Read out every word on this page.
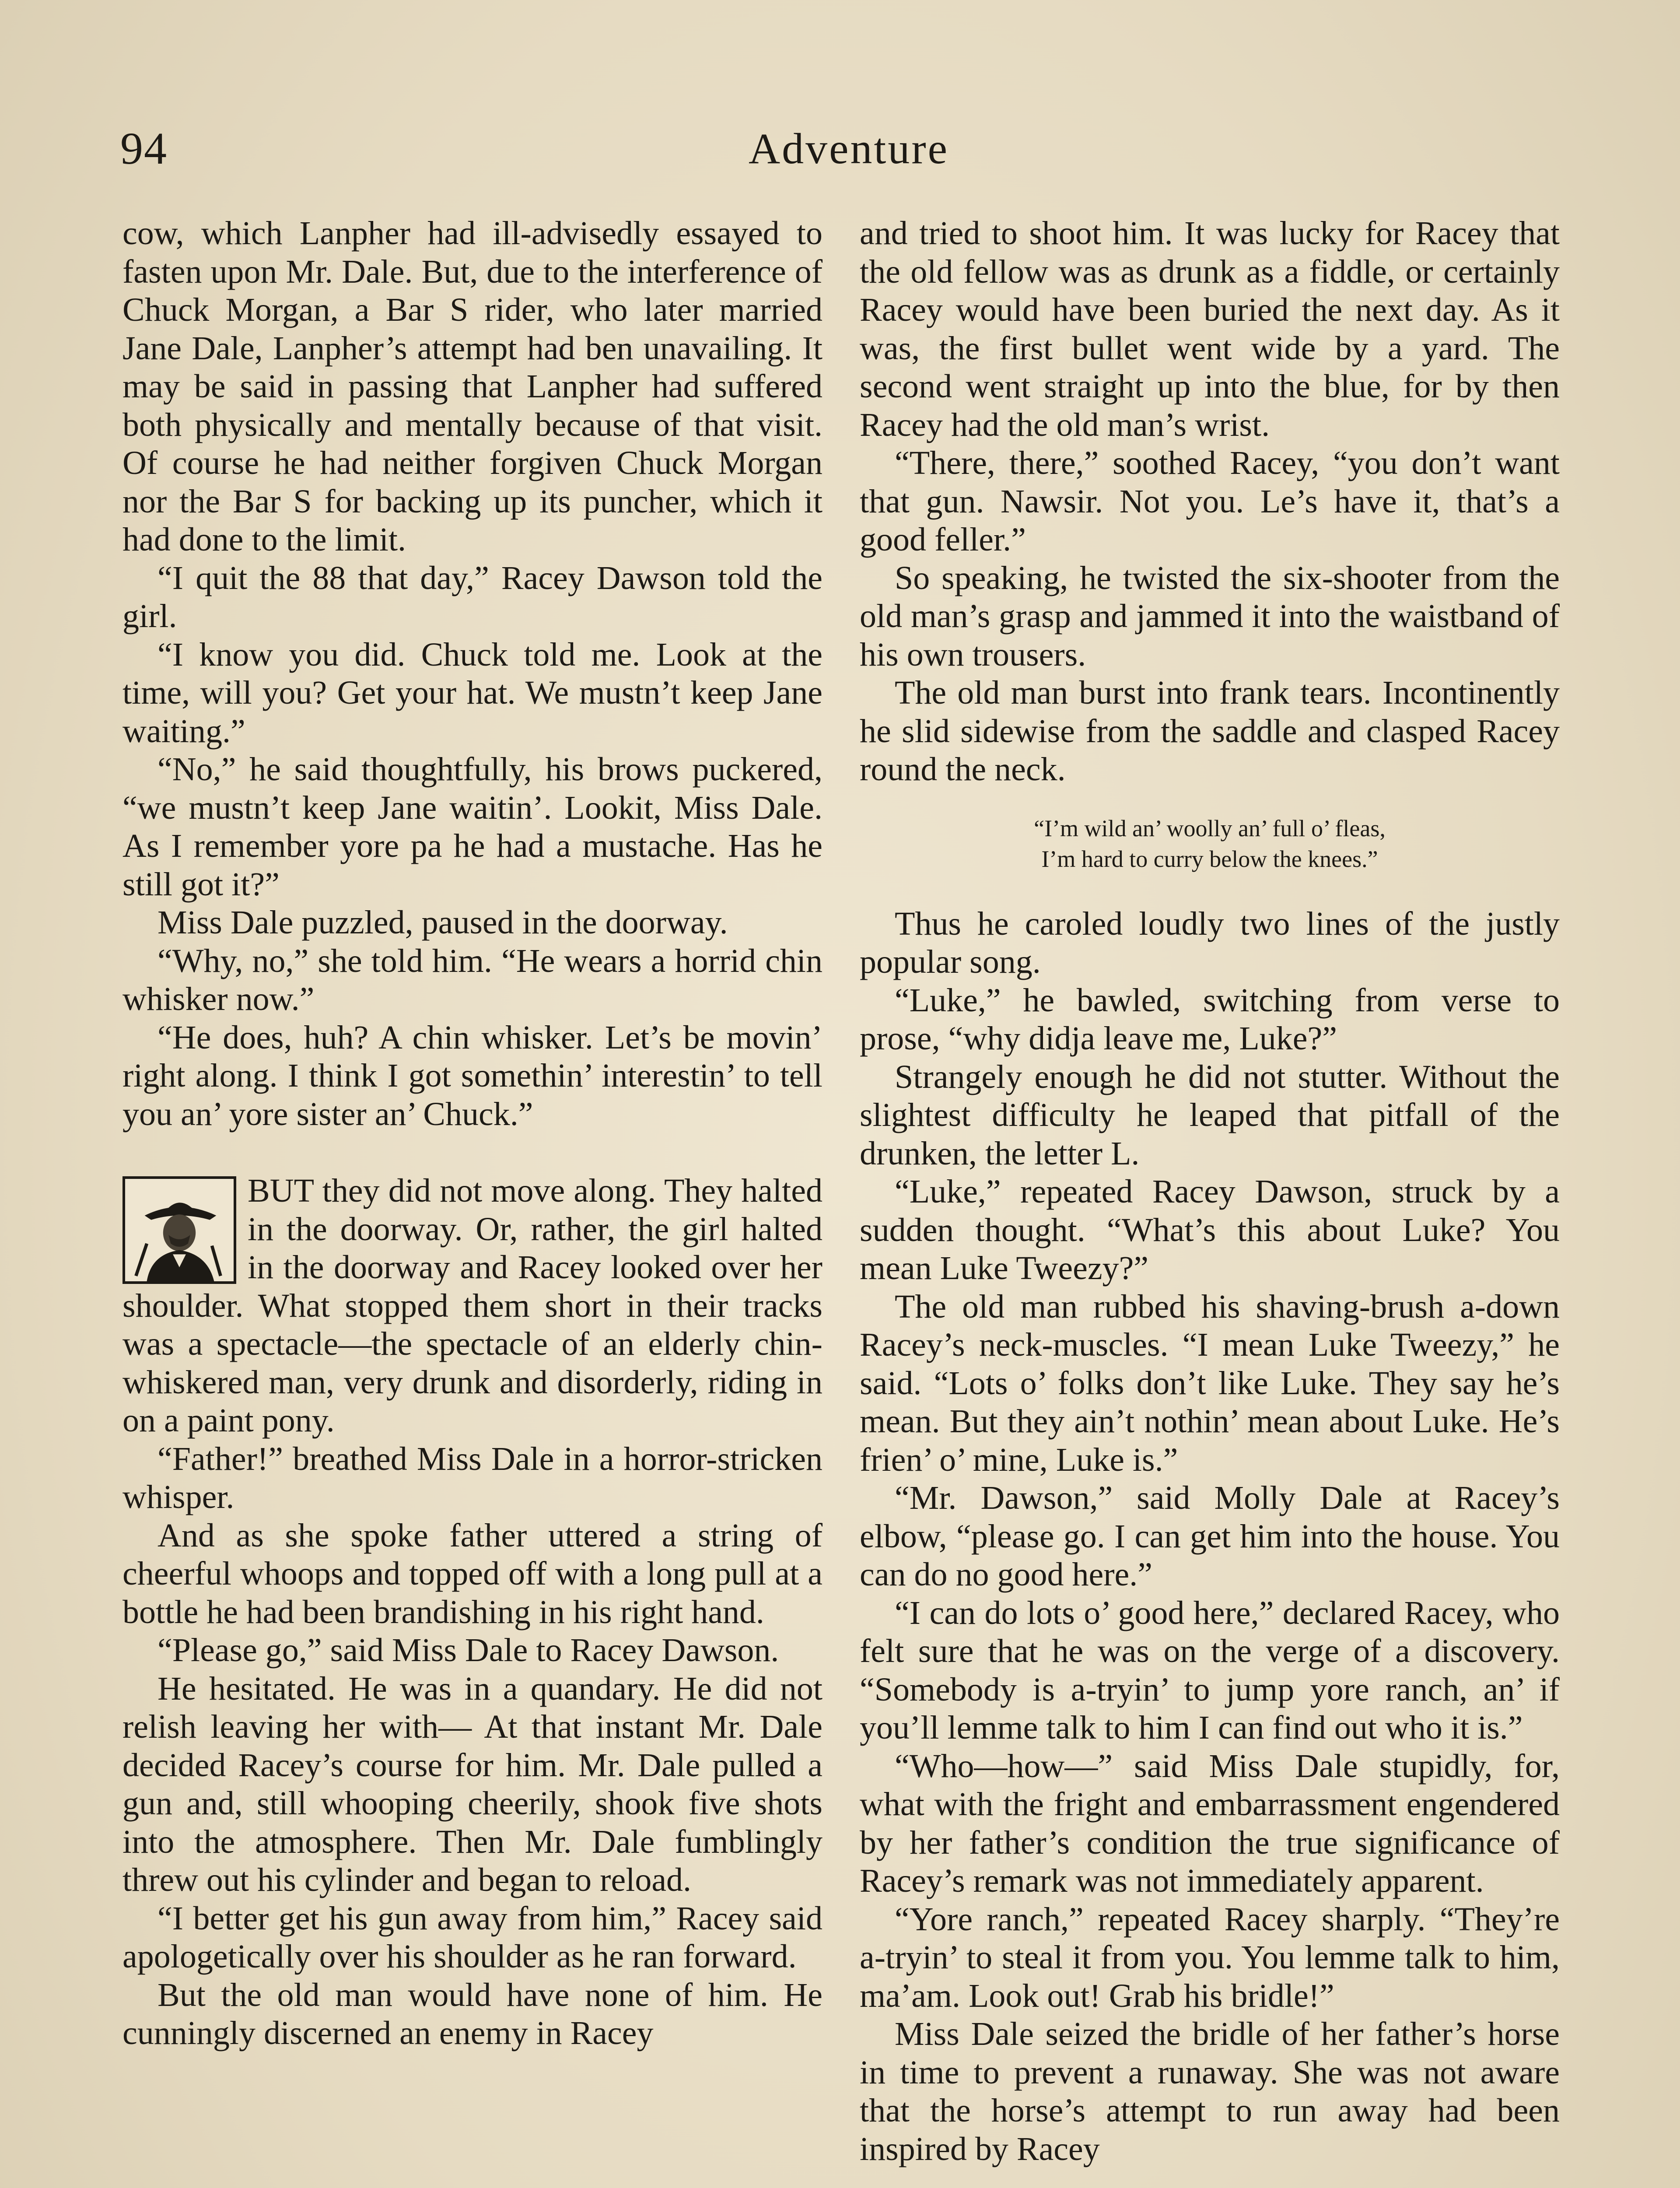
94	Adventure

cow, which Lanpher had ill-advisedly essayed to fasten upon Mr. Dale. But, due to the interference of Chuck Morgan, a Bar S rider, who later married Jane Dale, Lanpher’s attempt had ben unavailing. It may be said in passing that Lanpher had suffered both physically and mentally because of that visit. Of course he had neither forgiven Chuck Morgan nor the Bar S for backing up its puncher, which it had done to the limit.

“I quit the 88 that day,” Racey Dawson told the girl.

“I know you did. Chuck told me. Look at the time, will you? Get your hat. We mustn’t keep Jane waiting.”

“No,” he said thoughtfully, his brows puckered, “we mustn’t keep Jane waitin’. Lookit, Miss Dale. As I remember yore pa he had a mustache. Has he still got it?”

Miss Dale puzzled, paused in the doorway.

“Why, no,” she told him. “He wears a horrid chin whisker now.”

“He does, huh? A chin whisker. Let’s be movin’ right along. I think I got somethin’ interestin’ to tell you an’ yore sister an’ Chuck.”

BUT they did not move along. They halted in the doorway. Or, rather, the girl halted in the doorway and Racey looked over her shoulder. What stopped them short in their tracks was a spectacle—the spectacle of an elderly chin-whiskered man, very drunk and disorderly, riding in on a paint pony.

“Father!” breathed Miss Dale in a horror-stricken whisper.

And as she spoke father uttered a string of cheerful whoops and topped off with a long pull at a bottle he had been brandishing in his right hand.

“Please go,” said Miss Dale to Racey Dawson.

He hesitated. He was in a quandary. He did not relish leaving her with— At that instant Mr. Dale decided Racey’s course for him. Mr. Dale pulled a gun and, still whooping cheerily, shook five shots into the atmosphere. Then Mr. Dale fumblingly threw out his cylinder and began to reload.

“I better get his gun away from him,” Racey said apologetically over his shoulder as he ran forward.

But the old man would have none of him. He cunningly discerned an enemy in Racey

and tried to shoot him. It was lucky for Racey that the old fellow was as drunk as a fiddle, or certainly Racey would have been buried the next day. As it was, the first bullet went wide by a yard. The second went straight up into the blue, for by then Racey had the old man’s wrist.

“There, there,” soothed Racey, “you don’t want that gun. Nawsir. Not you. Le’s have it, that’s a good feller.”

So speaking, he twisted the six-shooter from the old man’s grasp and jammed it into the waistband of his own trousers.

The old man burst into frank tears. Incontinently he slid sidewise from the saddle and clasped Racey round the neck.

“I’m wild an’ woolly an’ full o’ fleas,
I’m hard to curry below the knees.”

Thus he caroled loudly two lines of the justly popular song.

“Luke,” he bawled, switching from verse to prose, “why didja leave me, Luke?”

Strangely enough he did not stutter. Without the slightest difficulty he leaped that pitfall of the drunken, the letter L.

“Luke,” repeated Racey Dawson, struck by a sudden thought. “What’s this about Luke? You mean Luke Tweezy?”

The old man rubbed his shaving-brush a-down Racey’s neck-muscles. “I mean Luke Tweezy,” he said. “Lots o’ folks don’t like Luke. They say he’s mean. But they ain’t nothin’ mean about Luke. He’s frien’ o’ mine, Luke is.”

“Mr. Dawson,” said Molly Dale at Racey’s elbow, “please go. I can get him into the house. You can do no good here.”

“I can do lots o’ good here,” declared Racey, who felt sure that he was on the verge of a discovery. “Somebody is a-tryin’ to jump yore ranch, an’ if you’ll lemme talk to him I can find out who it is.”

“Who—how—” said Miss Dale stupidly, for, what with the fright and embarrassment engendered by her father’s condition the true significance of Racey’s remark was not immediately apparent.

“Yore ranch,” repeated Racey sharply. “They’re a-tryin’ to steal it from you. You lemme talk to him, ma’am. Look out! Grab his bridle!”

Miss Dale seized the bridle of her father’s horse in time to prevent a runaway. She was not aware that the horse’s attempt to run away had been inspired by Racey
